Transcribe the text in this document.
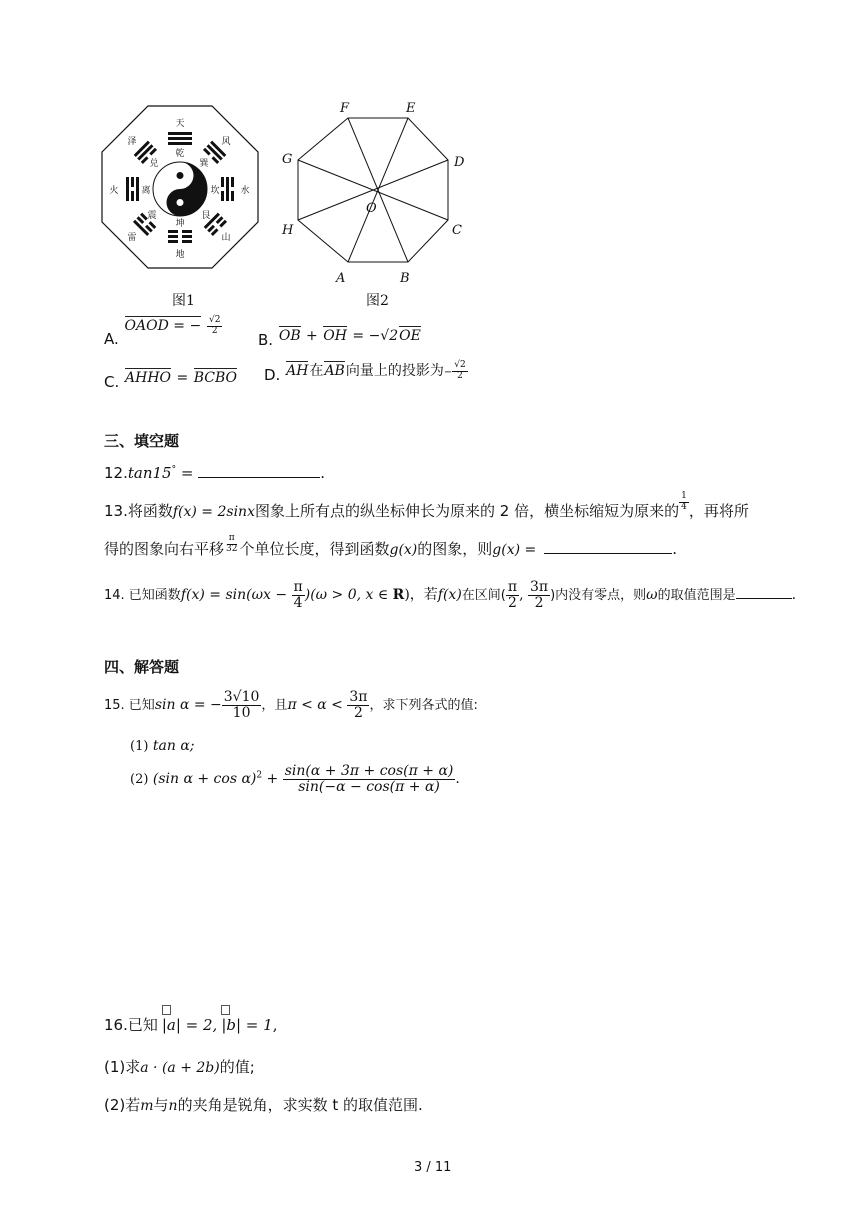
天
乾
风
巽
泽
兑
火	离	坎 水
雷
震
坤
地
艮
山
图1
F	E
G	D
H	C
A	B
O
图2
A. OAOD = − $\frac{√2}{2}$
B. OB + OH = −√2OE
C. AHHO = BCBO D. AH在AB向量上的投影为− $\frac{√2}{2}$
三、填空题
12.tan15° =	.
13.将函数f(x) = 2sinx图象上所有点的纵坐标伸长为原来的 2 倍，横坐标缩短为原来的 $\frac{1}{4}$ ，再将所
得的图象向右平移 $\frac{\pi}{32}$ 个单位长度，得到函数g(x)的图象，则g(x) =	.
14. 已知函数$f(x) = \sin(\omega x - \frac{\pi}{4} )(\omega > 0$, x ∈ R)，若f(x)在区间( $\frac{\pi}{2}$ , $\frac{3\pi}{2}$ )内没有零点，则ω的取值范围是	.
四、解答题
15. 已知sin α = − $\frac{3√10}{10}$ ，且$\pi < \alpha < \frac{3\pi}{2}$ ，求下列各式的值:
(1) tan α;
(2) (sin $\alpha + \cos \alpha)^2 + \frac{\sin(\alpha + 3\pi + \cos(\pi + \alpha)}{\sin(-\alpha - \cos(\pi + \alpha)}$ .
16.已知 |a| = 2, |b| = 1,
(1)求a · (a + 2b)的值;
(2)若m与n的夹角是锐角，求实数 t 的取值范围.
3 / 11
